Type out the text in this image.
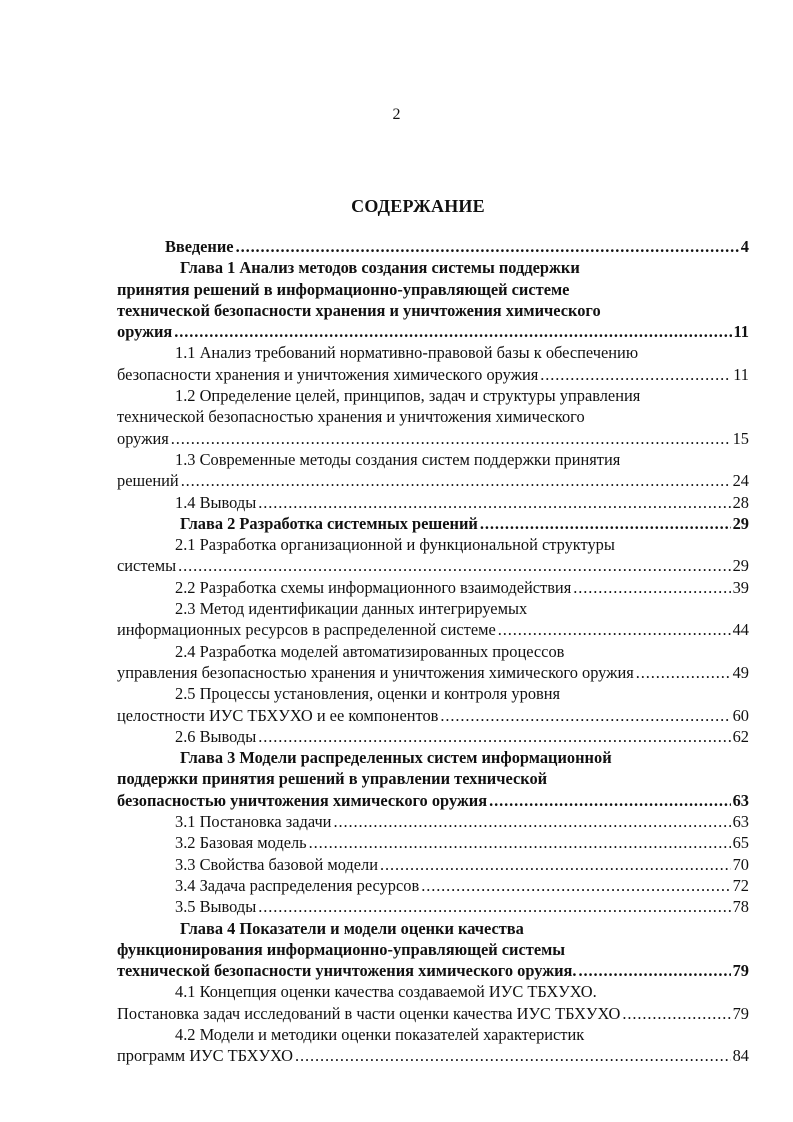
2
СОДЕРЖАНИЕ
Введение . . .	4
Глава 1 Анализ методов создания системы поддержки
принятия решений в информационно-управляющей системе
технической безопасности хранения и уничтожения химического
оружия . . .	11
1.1 Анализ требований нормативно-правовой базы к обеспечению
безопасности хранения и уничтожения химического оружия . . .	11
1.2 Определение целей, принципов, задач и структуры управления
технической безопасностью хранения и уничтожения химического
оружия . . .	15
1.3 Современные методы создания систем поддержки принятия
решений . . .	24
1.4 Выводы . . .	28
Глава 2 Разработка системных решений . . .	29
2.1 Разработка организационной и функциональной структуры
системы . . .	29
2.2 Разработка схемы информационного взаимодействия . . .	39
2.3 Метод идентификации данных интегрируемых
информационных ресурсов в распределенной системе . . .	44
2.4 Разработка моделей автоматизированных процессов
управления безопасностью хранения и уничтожения химического оружия . . .	49
2.5 Процессы установления, оценки и контроля уровня
целостности ИУС ТБХУХО и ее компонентов . . .	60
2.6 Выводы . . .	62
Глава 3 Модели распределенных систем информационной
поддержки принятия решений в управлении технической
безопасностью уничтожения химического оружия . . .	63
3.1 Постановка задачи . . .	63
3.2 Базовая модель . . .	65
3.3 Свойства базовой модели . . .	70
3.4 Задача распределения ресурсов . . .	72
3.5 Выводы . . .	78
Глава 4 Показатели и модели оценки качества
функционирования информационно-управляющей системы
технической безопасности уничтожения химического оружия. . . .	79
4.1 Концепция оценки качества создаваемой ИУС ТБХУХО.
Постановка задач исследований в части оценки качества ИУС ТБХУХО . . .	79
4.2 Модели и методики оценки показателей характеристик
программ ИУС ТБХУХО . . .	84
